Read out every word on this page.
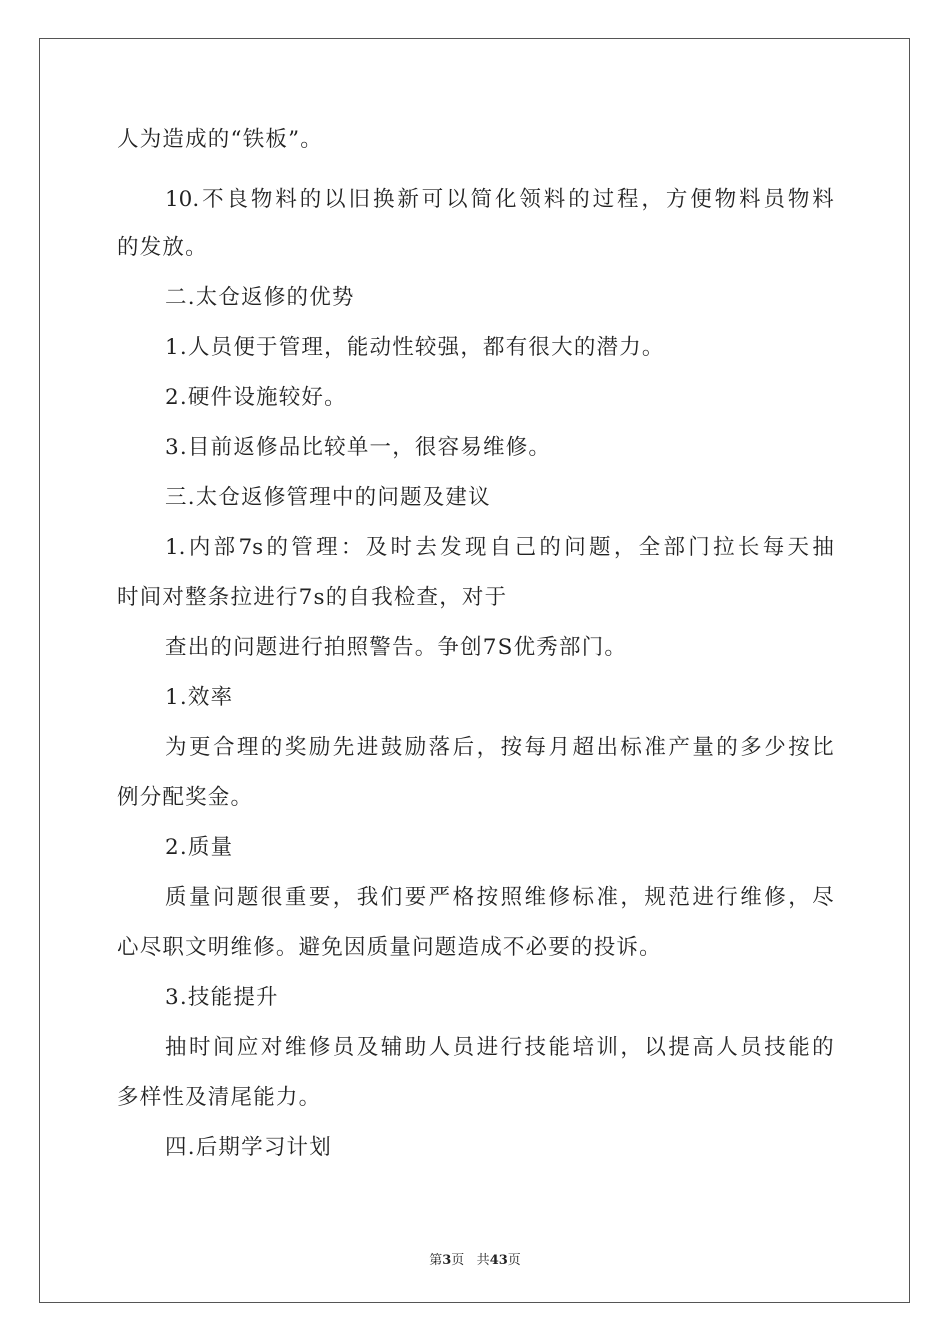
人为造成的“铁板”。
10. 不 良 物 料 的 以 旧 换 新 可 以 简 化 领 料 的 过 程 ， 方 便 物 料 员 物 料
的发放。
二.太仓返修的优势
1.人员便于管理，能动性较强，都有很大的潜力。
2.硬件设施较好。
3.目前返修品比较单一，很容易维修。
三.太仓返修管理中的问题及建议
1. 内 部 7s 的 管 理 ： 及 时 去 发 现 自 己 的 问 题 ， 全 部 门 拉 长 每 天 抽
时间对整条拉进行7s的自我检查，对于
查出的问题进行拍照警告。争创7S优秀部门。
1.效率
为 更 合 理 的 奖 励 先 进 鼓 励 落 后 ， 按 每 月 超 出 标 准 产 量 的 多 少 按 比
例分配奖金。
2.质量
质 量 问 题 很 重 要 ， 我 们 要 严 格 按 照 维 修 标 准 ， 规 范 进 行 维 修 ， 尽
心尽职文明维修。避免因质量问题造成不必要的投诉。
3.技能提升
抽 时 间 应 对 维 修 员 及 辅 助 人 员 进 行 技 能 培 训 ， 以 提 高 人 员 技 能 的
多样性及清尾能力。
四.后期学习计划
第3页 共43页
